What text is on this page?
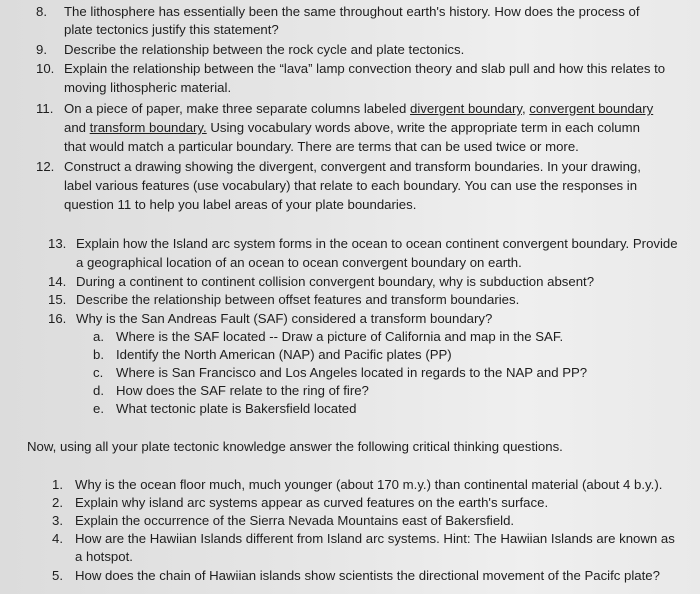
8. The lithosphere has essentially been the same throughout earth's history. How does the process of
plate tectonics justify this statement?
9. Describe the relationship between the rock cycle and plate tectonics.
10. Explain the relationship between the “lava” lamp convection theory and slab pull and how this relates to
moving lithospheric material.
11. On a piece of paper, make three separate columns labeled divergent boundary, convergent boundary
and transform boundary. Using vocabulary words above, write the appropriate term in each column
that would match a particular boundary. There are terms that can be used twice or more.
12. Construct a drawing showing the divergent, convergent and transform boundaries. In your drawing,
label various features (use vocabulary) that relate to each boundary. You can use the responses in
question 11 to help you label areas of your plate boundaries.
13. Explain how the Island arc system forms in the ocean to ocean continent convergent boundary. Provide
a geographical location of an ocean to ocean convergent boundary on earth.
14. During a continent to continent collision convergent boundary, why is subduction absent?
15. Describe the relationship between offset features and transform boundaries.
16. Why is the San Andreas Fault (SAF) considered a transform boundary?
a. Where is the SAF located -- Draw a picture of California and map in the SAF.
b. Identify the North American (NAP) and Pacific plates (PP)
c. Where is San Francisco and Los Angeles located in regards to the NAP and PP?
d. How does the SAF relate to the ring of fire?
e. What tectonic plate is Bakersfield located
Now, using all your plate tectonic knowledge answer the following critical thinking questions.
1. Why is the ocean floor much, much younger (about 170 m.y.) than continental material (about 4 b.y.).
2. Explain why island arc systems appear as curved features on the earth's surface.
3. Explain the occurrence of the Sierra Nevada Mountains east of Bakersfield.
4. How are the Hawiian Islands different from Island arc systems. Hint: The Hawiian Islands are known as
a hotspot.
5. How does the chain of Hawiian islands show scientists the directional movement of the Pacifc plate?
